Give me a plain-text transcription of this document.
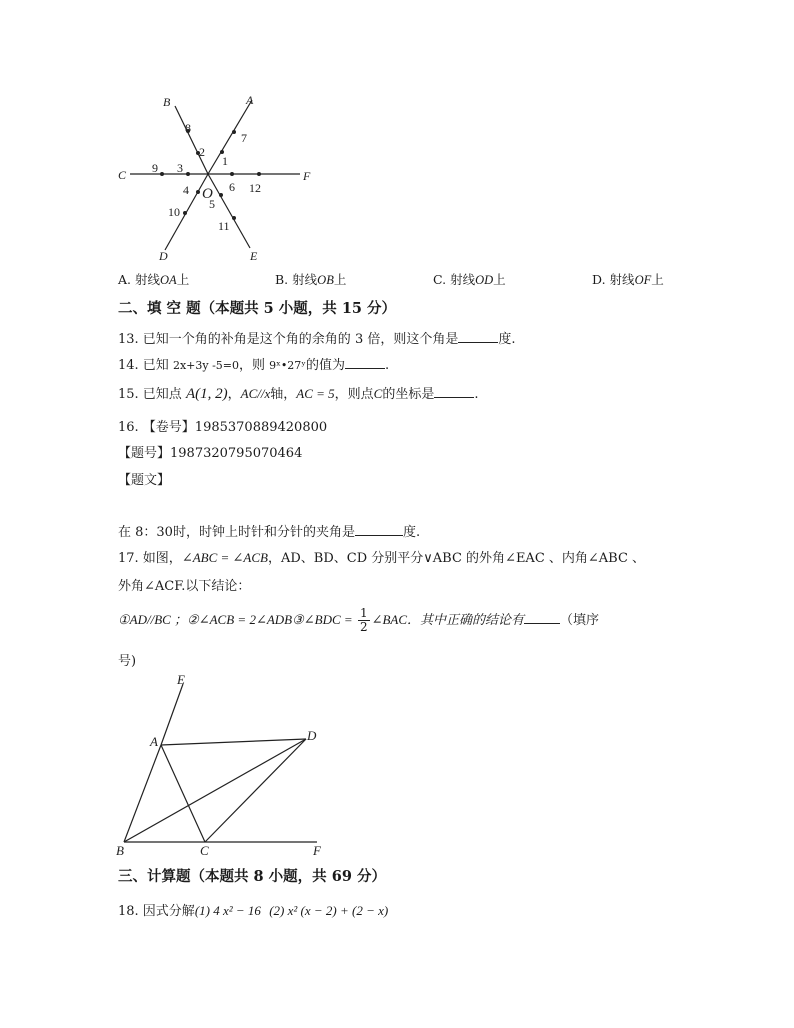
A
B
C
D	E
F
O
1
2
3
4
5
6
7
8
9
10
11
12
A. 射线OA上	B. 射线OB上	C. 射线OD上	D. 射线OF上
二、填 空 题（本题共 5 小题，共 15 分）
13. 已知一个角的补角是这个角的余角的 3 倍，则这个角是	度.
14. 已知 2x+3y -5=0，则 9ˣ•27ʸ的值为	.
15. 已知点 A(1, 2)，AC//x轴，AC = 5，则点C的坐标是	.
16. 【卷号】1985370889420800
【题号】1987320795070464
【题文】
在 8：30时，时钟上时针和分针的夹角是	度.
17. 如图，∠ABC = ∠ACB，AD、BD、CD 分别平分∨ABC 的外角∠EAC 、内角∠ABC 、
外角∠ACF.以下结论：
①AD//BC ；②∠ACB = 2∠ADB③∠BDC = $\frac{1}{2}$ ∠BAC．其中正确的结论有	（填序
号)
E
A	D
B	C	F
三、计算题（本题共 8 小题，共 69 分）
18. 因式分解(1) 4 x² − 16 (2) x² (x − 2) + (2 − x)
